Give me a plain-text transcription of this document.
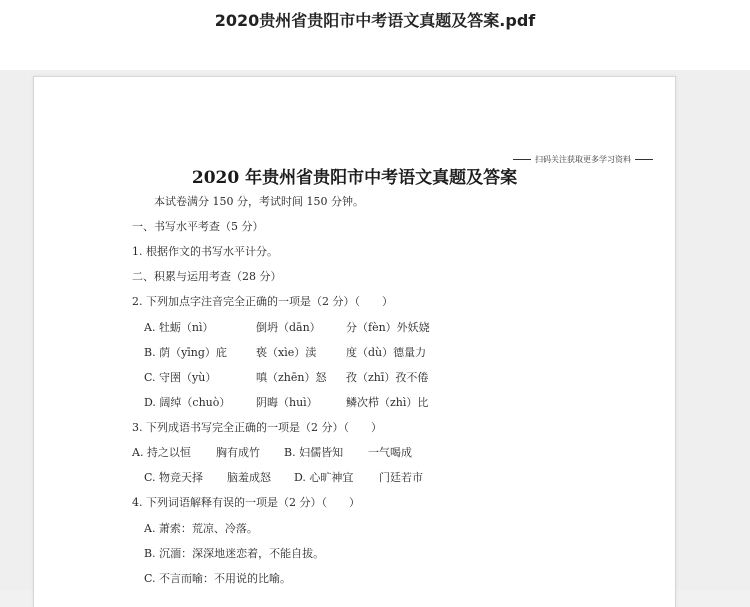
2020贵州省贵阳市中考语文真题及答案.pdf
扫码关注获取更多学习资料
2020 年贵州省贵阳市中考语文真题及答案
本试卷满分 150 分，考试时间 150 分钟。
一、书写水平考查（5 分）
1. 根据作文的书写水平计分。
二、积累与运用考查（28 分）
2. 下列加点字注音完全正确的一项是（2 分）（　　）
A. 牡蛎（nì）	倒坍（dān） 分（fèn）外妖娆
B. 荫（yīng）庇	亵（xìe）渎	度（dù）德量力
C. 守圉（yù）	嗔（zhēn）怒 孜（zhī）孜不倦
D. 阔绰（chuò） 阴晦（huì）	鳞次栉（zhì）比
3. 下列成语书写完全正确的一项是（2 分）（　　）
A. 持之以恒 胸有成竹 B. 妇儒皆知 一气喝成
C. 物竞天择 脑羞成怒 D. 心旷神宜 门廷若市
4. 下列词语解释有误的一项是（2 分）（　　）
A. 萧索：荒凉、冷落。
B. 沉湎：深深地迷恋着，不能自拔。
C. 不言而喻：不用说的比喻。
